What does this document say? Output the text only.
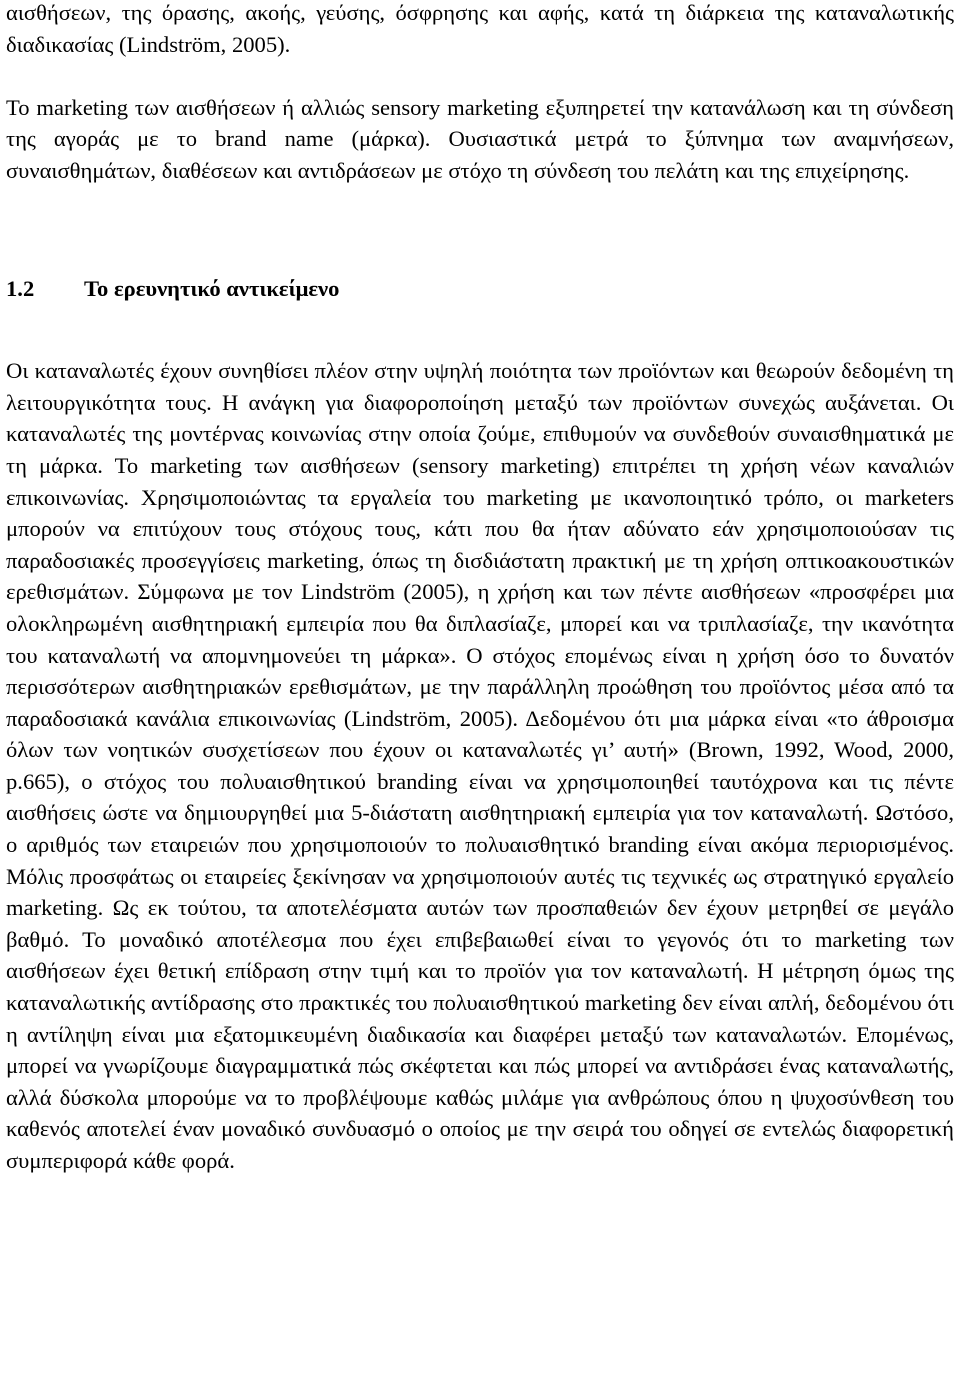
αισθήσεων, της όρασης, ακοής, γεύσης, όσφρησης και αφής, κατά τη διάρκεια της καταναλωτικής διαδικασίας (Lindström, 2005).

Το marketing των αισθήσεων ή αλλιώς sensory marketing εξυπηρετεί την κατανάλωση και τη σύνδεση της αγοράς με το brand name (μάρκα). Ουσιαστικά μετρά το ξύπνημα των αναμνήσεων, συναισθημάτων, διαθέσεων και αντιδράσεων με στόχο τη σύνδεση του πελάτη και της επιχείρησης.

1.2 Το ερευνητικό αντικείμενο

Οι καταναλωτές έχουν συνηθίσει πλέον στην υψηλή ποιότητα των προϊόντων και θεωρούν δεδομένη τη λειτουργικότητα τους. Η ανάγκη για διαφοροποίηση μεταξύ των προϊόντων συνεχώς αυξάνεται. Οι καταναλωτές της μοντέρνας κοινωνίας στην οποία ζούμε, επιθυμούν να συνδεθούν συναισθηματικά με τη μάρκα. Το marketing των αισθήσεων (sensory marketing) επιτρέπει τη χρήση νέων καναλιών επικοινωνίας. Χρησιμοποιώντας τα εργαλεία του marketing με ικανοποιητικό τρόπο, οι marketers μπορούν να επιτύχουν τους στόχους τους, κάτι που θα ήταν αδύνατο εάν χρησιμοποιούσαν τις παραδοσιακές προσεγγίσεις marketing, όπως τη δισδιάστατη πρακτική με τη χρήση οπτικοακουστικών ερεθισμάτων. Σύμφωνα με τον Lindström (2005), η χρήση και των πέντε αισθήσεων «προσφέρει μια ολοκληρωμένη αισθητηριακή εμπειρία που θα διπλασίαζε, μπορεί και να τριπλασίαζε, την ικανότητα του καταναλωτή να απομνημονεύει τη μάρκα». Ο στόχος επομένως είναι η χρήση όσο το δυνατόν περισσότερων αισθητηριακών ερεθισμάτων, με την παράλληλη προώθηση του προϊόντος μέσα από τα παραδοσιακά κανάλια επικοινωνίας (Lindström, 2005). Δεδομένου ότι μια μάρκα είναι «το άθροισμα όλων των νοητικών συσχετίσεων που έχουν οι καταναλωτές γι’ αυτή» (Brown, 1992, Wood, 2000, p.665), ο στόχος του πολυαισθητικού branding είναι να χρησιμοποιηθεί ταυτόχρονα και τις πέντε αισθήσεις ώστε να δημιουργηθεί μια 5-διάστατη αισθητηριακή εμπειρία για τον καταναλωτή. Ωστόσο, ο αριθμός των εταιρειών που χρησιμοποιούν το πολυαισθητικό branding είναι ακόμα περιορισμένος. Μόλις προσφάτως οι εταιρείες ξεκίνησαν να χρησιμοποιούν αυτές τις τεχνικές ως στρατηγικό εργαλείο marketing. Ως εκ τούτου, τα αποτελέσματα αυτών των προσπαθειών δεν έχουν μετρηθεί σε μεγάλο βαθμό. Το μοναδικό αποτέλεσμα που έχει επιβεβαιωθεί είναι το γεγονός ότι το marketing των αισθήσεων έχει θετική επίδραση στην τιμή και το προϊόν για τον καταναλωτή. Η μέτρηση όμως της καταναλωτικής αντίδρασης στο πρακτικές του πολυαισθητικού marketing δεν είναι απλή, δεδομένου ότι η αντίληψη είναι μια εξατομικευμένη διαδικασία και διαφέρει μεταξύ των καταναλωτών. Επομένως, μπορεί να γνωρίζουμε διαγραμματικά πώς σκέφτεται και πώς μπορεί να αντιδράσει ένας καταναλωτής, αλλά δύσκολα μπορούμε να το προβλέψουμε καθώς μιλάμε για ανθρώπους όπου η ψυχοσύνθεση του καθενός αποτελεί έναν μοναδικό συνδυασμό ο οποίος με την σειρά του οδηγεί σε εντελώς διαφορετική συμπεριφορά κάθε φορά.
